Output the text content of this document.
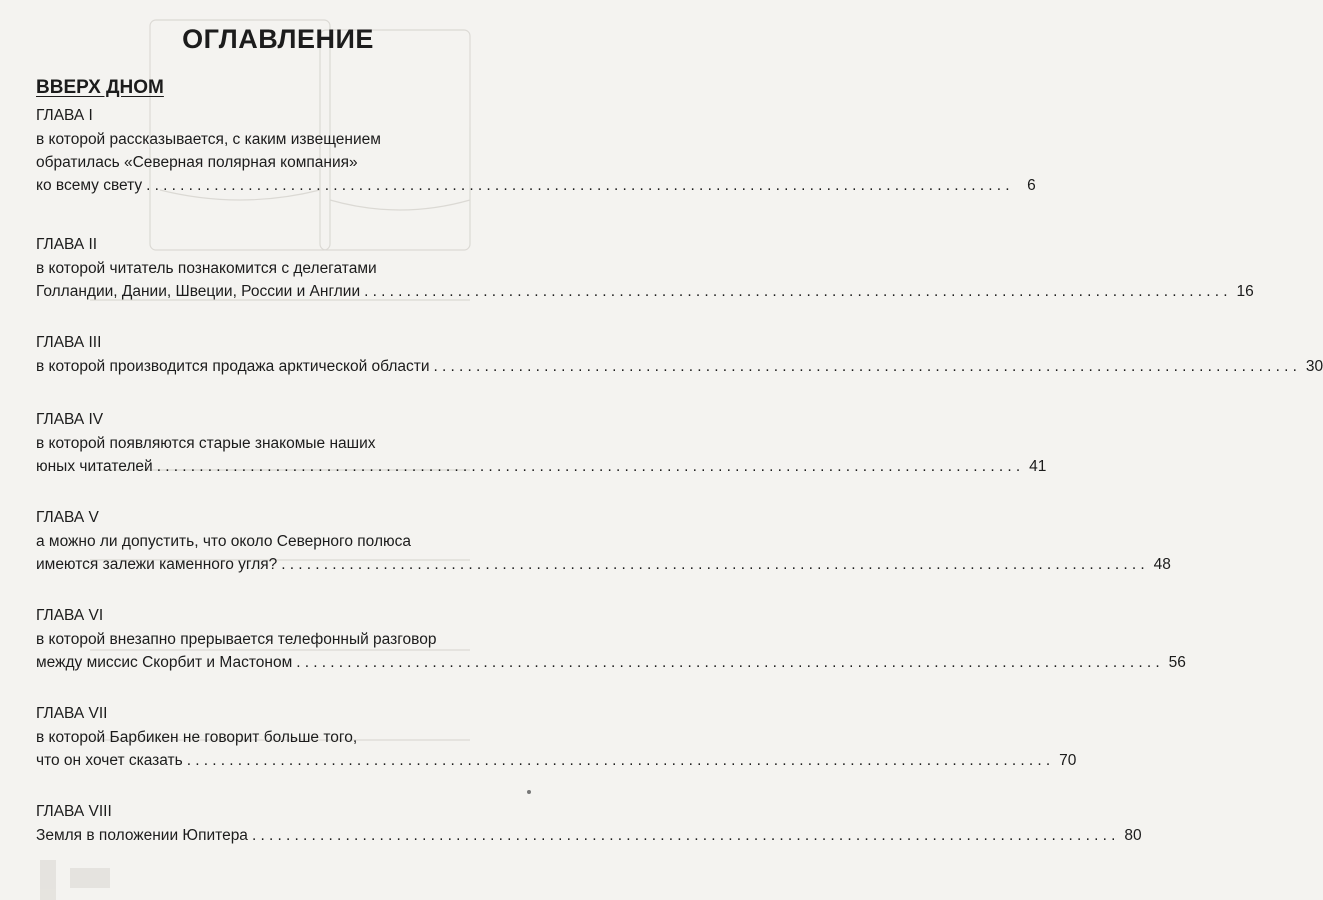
ОГЛАВЛЕНИЕ
ВВЕРХ ДНОМ
ГЛАВА I
в которой рассказывается, с каким извещением
обратилась «Северная полярная компания»
ко всему свету ...................................................................................................... 6
ГЛАВА II
в которой читатель познакомится с делегатами
Голландии, Дании, Швеции, России и Англии ...................................................................................................... 16
ГЛАВА III
в которой производится продажа арктической области ...................................................................................................... 30
ГЛАВА IV
в которой появляются старые знакомые наших
юных читателей ...................................................................................................... 41
ГЛАВА V
а можно ли допустить, что около Северного полюса
имеются залежи каменного угля? ...................................................................................................... 48
ГЛАВА VI
в которой внезапно прерывается телефонный разговор
между миссис Скорбит и Мастоном ...................................................................................................... 56
ГЛАВА VII
в которой Барбикен не говорит больше того,
что он хочет сказать ...................................................................................................... 70
ГЛАВА VIII
Земля в положении Юпитера ...................................................................................................... 80
